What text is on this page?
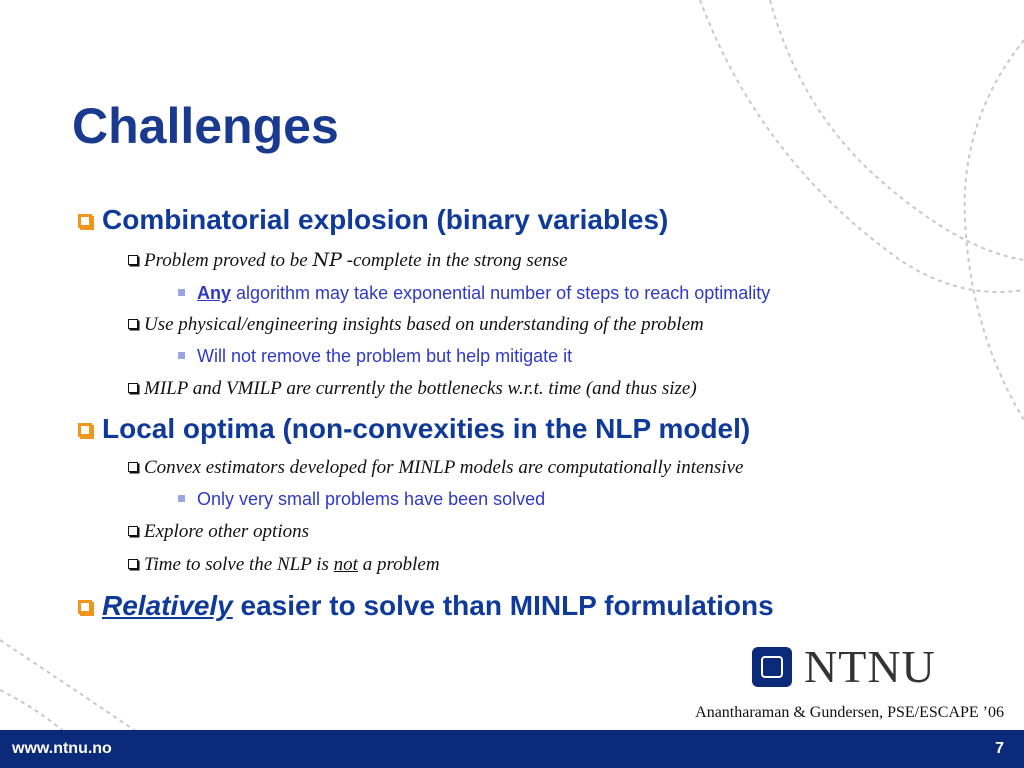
Challenges
Combinatorial explosion (binary variables)
Problem proved to be NP -complete in the strong sense
Any algorithm may take exponential number of steps to reach optimality
Use physical/engineering insights based on understanding of the problem
Will not remove the problem but help mitigate it
MILP and VMILP are currently the bottlenecks w.r.t. time (and thus size)
Local optima (non-convexities in the NLP model)
Convex estimators developed for MINLP models are computationally intensive
Only very small problems have been solved
Explore other options
Time to solve the NLP is not a problem
Relatively easier to solve than MINLP formulations
NTNU
Anantharaman & Gundersen, PSE/ESCAPE ’06
www.ntnu.no	7
